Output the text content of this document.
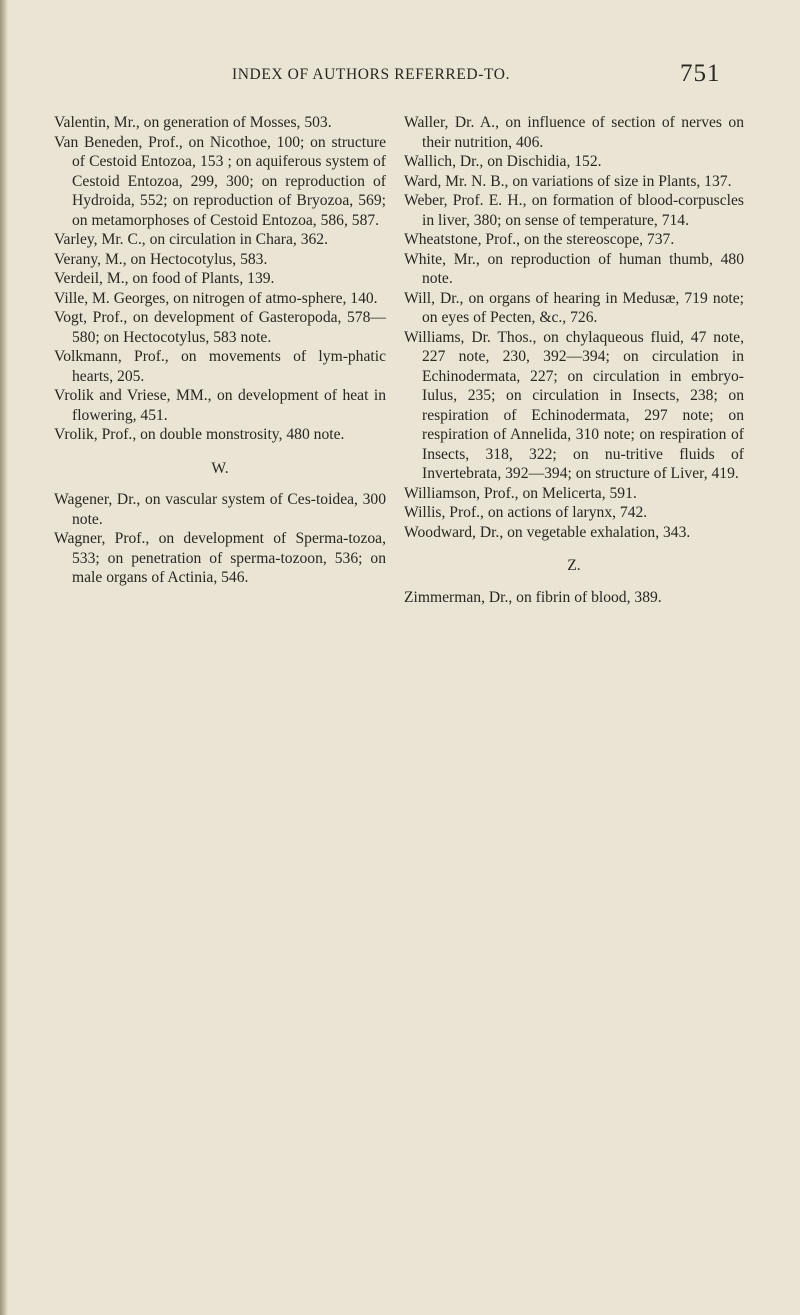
INDEX OF AUTHORS REFERRED-TO.	751

Valentin, Mr., on generation of Mosses, 503.

Van Beneden, Prof., on Nicothoe, 100; on structure of Cestoid Entozoa, 153 ; on aquiferous system of Cestoid Entozoa, 299, 300; on reproduction of Hydroida, 552; on reproduction of Bryozoa, 569; on metamorphoses of Cestoid Entozoa, 586, 587.

Varley, Mr. C., on circulation in Chara, 362.

Verany, M., on Hectocotylus, 583.

Verdeil, M., on food of Plants, 139.

Ville, M. Georges, on nitrogen of atmo-sphere, 140.

Vogt, Prof., on development of Gasteropoda, 578—580; on Hectocotylus, 583 note.

Volkmann, Prof., on movements of lym-phatic hearts, 205.

Vrolik and Vriese, MM., on development of heat in flowering, 451.

Vrolik, Prof., on double monstrosity, 480 note.

W.

Wagener, Dr., on vascular system of Ces-toidea, 300 note.

Wagner, Prof., on development of Sperma-tozoa, 533; on penetration of sperma-tozoon, 536; on male organs of Actinia, 546.

Waller, Dr. A., on influence of section of nerves on their nutrition, 406.

Wallich, Dr., on Dischidia, 152.

Ward, Mr. N. B., on variations of size in Plants, 137.

Weber, Prof. E. H., on formation of blood-corpuscles in liver, 380; on sense of temperature, 714.

Wheatstone, Prof., on the stereoscope, 737.

White, Mr., on reproduction of human thumb, 480 note.

Will, Dr., on organs of hearing in Medusæ, 719 note; on eyes of Pecten, &c., 726.

Williams, Dr. Thos., on chylaqueous fluid, 47 note, 227 note, 230, 392—394; on circulation in Echinodermata, 227; on circulation in embryo-Iulus, 235; on circulation in Insects, 238; on respiration of Echinodermata, 297 note; on respiration of Annelida, 310 note; on respiration of Insects, 318, 322; on nu-tritive fluids of Invertebrata, 392—394; on structure of Liver, 419.

Williamson, Prof., on Melicerta, 591.

Willis, Prof., on actions of larynx, 742.

Woodward, Dr., on vegetable exhalation, 343.

Z.

Zimmerman, Dr., on fibrin of blood, 389.
